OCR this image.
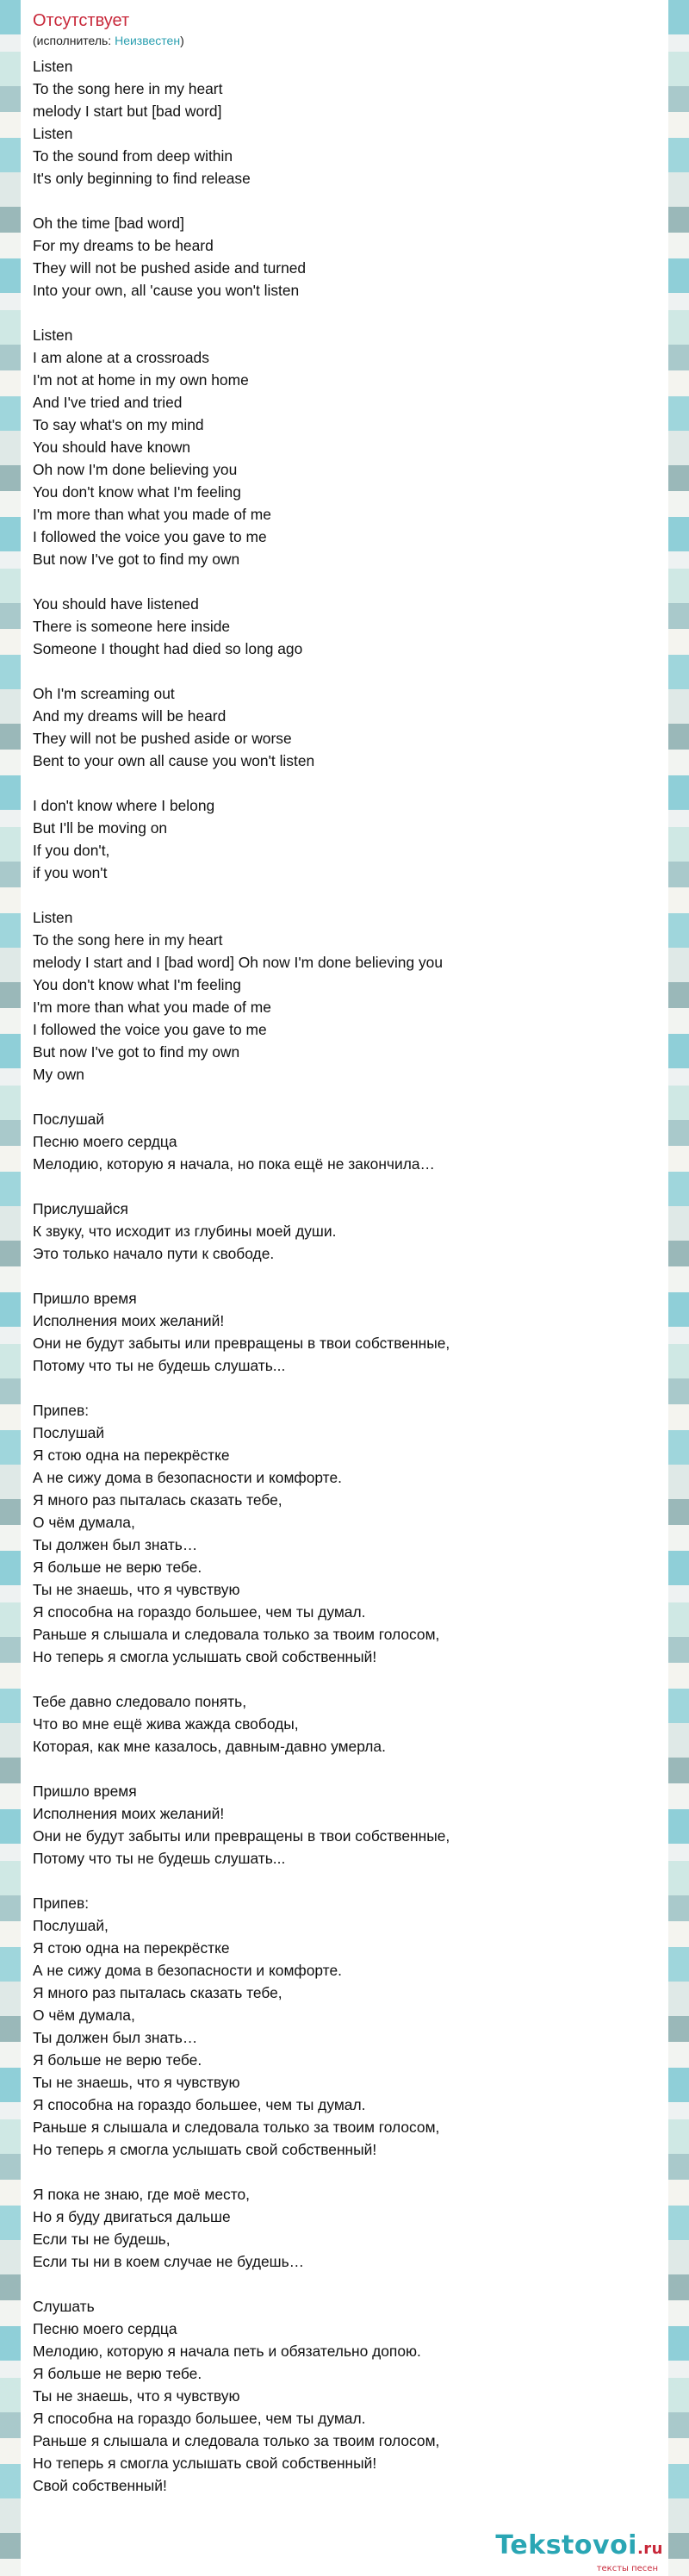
Отсутствует
(исполнитель: Неизвестен)
Listen
To the song here in my heart
melody I start but [bad word]
Listen
To the sound from deep within
It's only beginning to find release
Oh the time [bad word]
For my dreams to be heard
They will not be pushed aside and turned
Into your own, all 'cause you won't listen
Listen
I am alone at a crossroads
I'm not at home in my own home
And I've tried and tried
To say what's on my mind
You should have known
Oh now I'm done believing you
You don't know what I'm feeling
I'm more than what you made of me
I followed the voice you gave to me
But now I've got to find my own
You should have listened
There is someone here inside
Someone I thought had died so long ago
Oh I'm screaming out
And my dreams will be heard
They will not be pushed aside or worse
Bent to your own all cause you won't listen
I don't know where I belong
But I'll be moving on
If you don't,
if you won't
Listen
To the song here in my heart
melody I start and I [bad word] Oh now I'm done believing you
You don't know what I'm feeling
I'm more than what you made of me
I followed the voice you gave to me
But now I've got to find my own
My own
Послушай
Песню моего сердца
Мелодию, которую я начала, но пока ещё не закончила…
Прислушайся
К звуку, что исходит из глубины моей души.
Это только начало пути к свободе.
Пришло время
Исполнения моих желаний!
Они не будут забыты или превращены в твои собственные,
Потому что ты не будешь слушать...
Припев:
Послушай
Я стою одна на перекрёстке
А не сижу дома в безопасности и комфорте.
Я много раз пыталась сказать тебе,
О чём думала,
Ты должен был знать…
Я больше не верю тебе.
Ты не знаешь, что я чувствую
Я способна на гораздо большее, чем ты думал.
Раньше я слышала и следовала только за твоим голосом,
Но теперь я смогла услышать свой собственный!
Тебе давно следовало понять,
Что во мне ещё жива жажда свободы,
Которая, как мне казалось, давным-давно умерла.
Пришло время
Исполнения моих желаний!
Они не будут забыты или превращены в твои собственные,
Потому что ты не будешь слушать...
Припев:
Послушай,
Я стою одна на перекрёстке
А не сижу дома в безопасности и комфорте.
Я много раз пыталась сказать тебе,
О чём думала,
Ты должен был знать…
Я больше не верю тебе.
Ты не знаешь, что я чувствую
Я способна на гораздо большее, чем ты думал.
Раньше я слышала и следовала только за твоим голосом,
Но теперь я смогла услышать свой собственный!
Я пока не знаю, где моё место,
Но я буду двигаться дальше
Если ты не будешь,
Если ты ни в коем случае не будешь…
Слушать
Песню моего сердца
Мелодию, которую я начала петь и обязательно допою.
Я больше не верю тебе.
Ты не знаешь, что я чувствую
Я способна на гораздо большее, чем ты думал.
Раньше я слышала и следовала только за твоим голосом,
Но теперь я смогла услышать свой собственный!
Свой собственный!
Tekstovoi.ru
тексты песен
